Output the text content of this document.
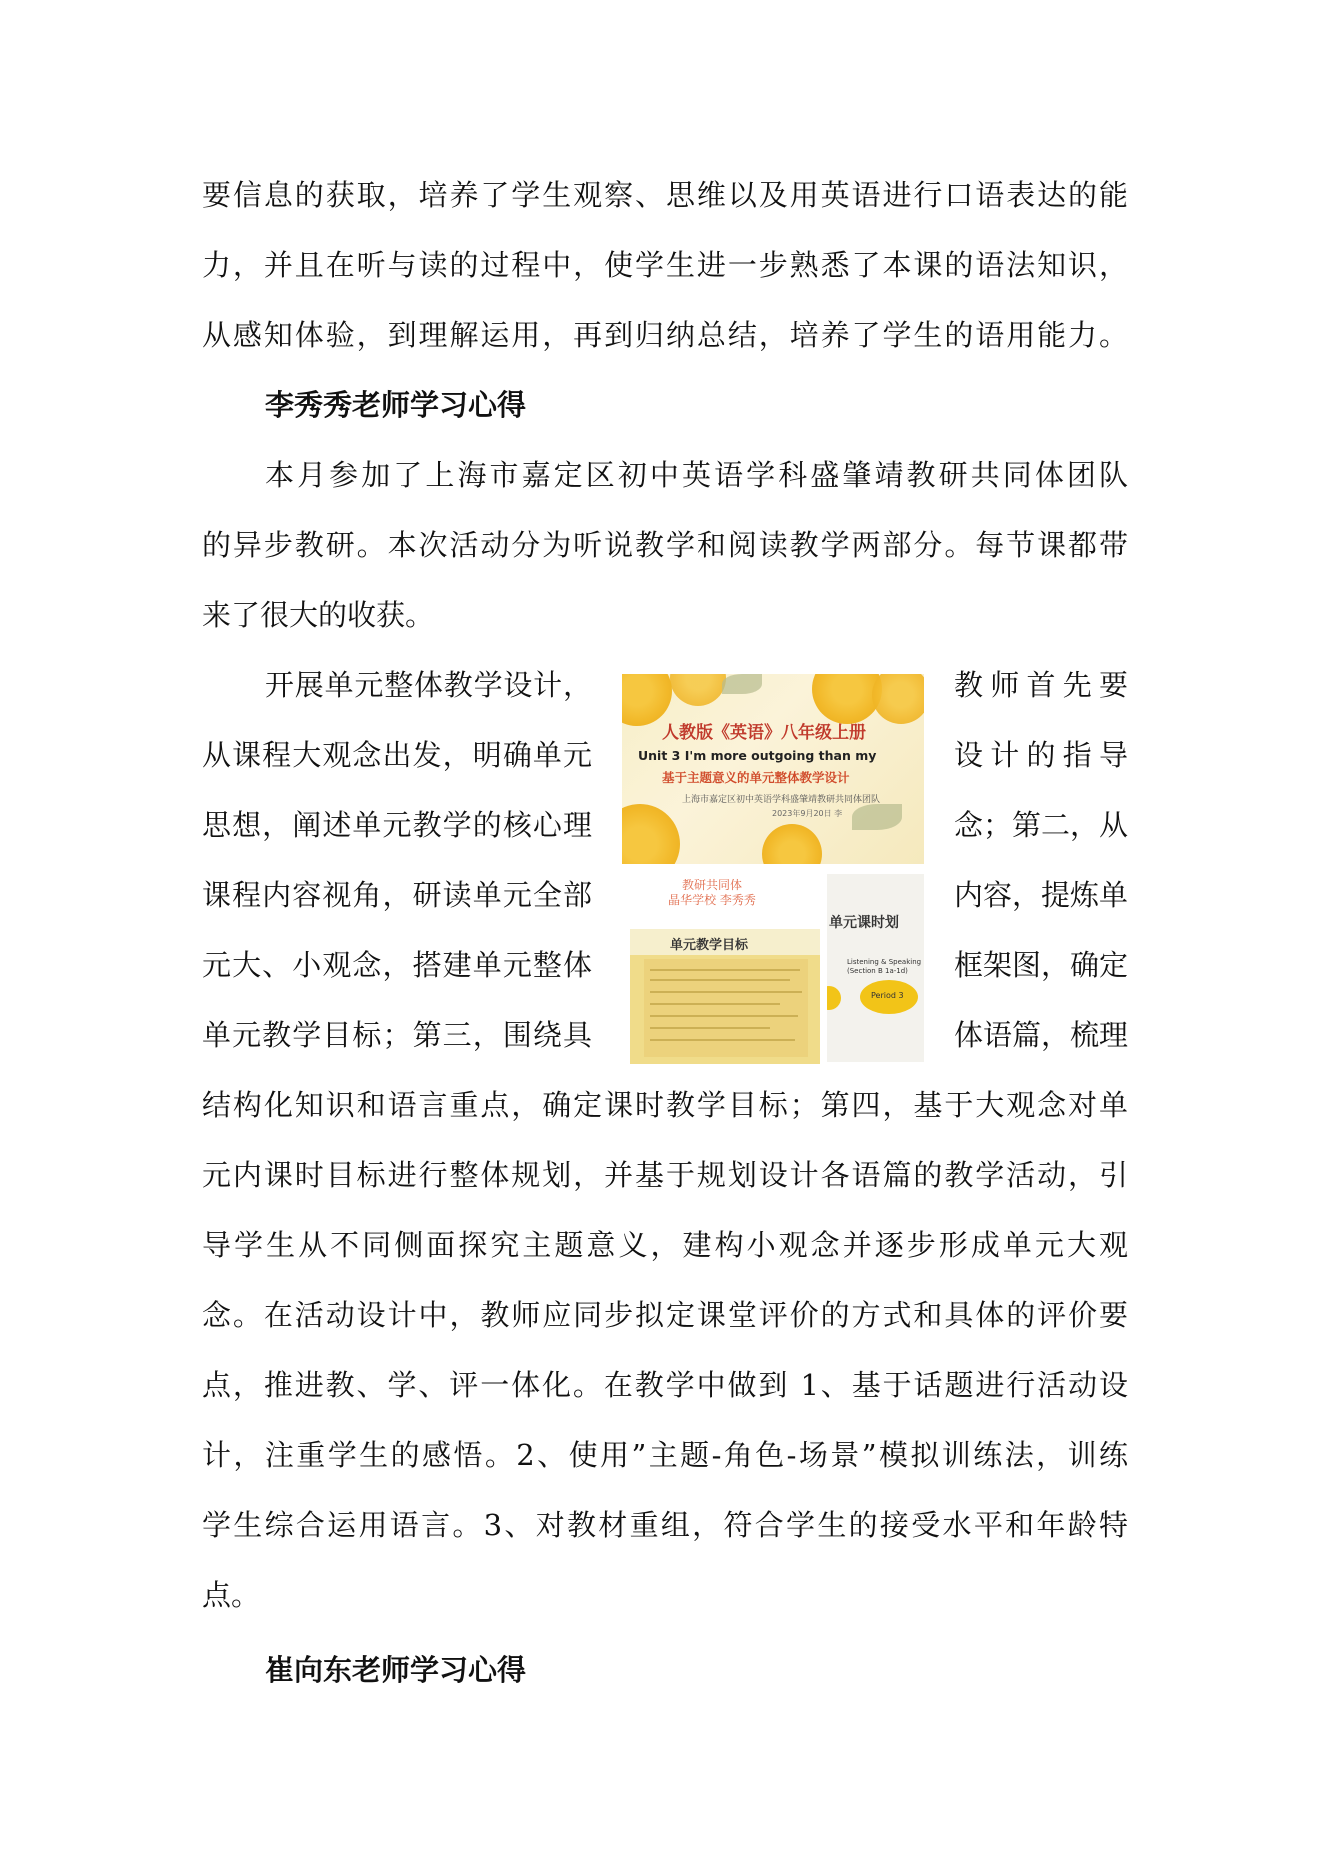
要信息的获取，培养了学生观察、思维以及用英语进行口语表达的能

力，并且在听与读的过程中，使学生进一步熟悉了本课的语法知识，

从感知体验，到理解运用，再到归纳总结，培养了学生的语用能力。

李秀秀老师学习心得

本月参加了上海市嘉定区初中英语学科盛肇靖教研共同体团队

的异步教研。本次活动分为听说教学和阅读教学两部分。每节课都带

来了很大的收获。

开展单元整体教学设计，	教师首先要

从课程大观念出发，明确单元	设计的指导

思想，阐述单元教学的核心理	念；第二，从

课程内容视角，研读单元全部	内容，提炼单

元大、小观念，搭建单元整体	框架图，确定

单元教学目标；第三，围绕具	体语篇，梳理

结构化知识和语言重点，确定课时教学目标；第四，基于大观念对单

元内课时目标进行整体规划，并基于规划设计各语篇的教学活动，引

导学生从不同侧面探究主题意义，建构小观念并逐步形成单元大观

念。在活动设计中，教师应同步拟定课堂评价的方式和具体的评价要

点，推进教、学、评一体化。在教学中做到 1、基于话题进行活动设

计，注重学生的感悟。2、使用”主题-角色-场景”模拟训练法，训练

学生综合运用语言。3、对教材重组，符合学生的接受水平和年龄特

点。

崔向东老师学习心得
人教版《英语》八年级上册
Unit 3 I'm more outgoing than my
基于主题意义的单元整体教学设计
上海市嘉定区初中英语学科盛肇靖教研共同体团队
2023年9月20日 李
教研共同体
晶华学校 李秀秀
单元课时划
Listening & Speaking
(Section B 1a-1d)
Period 3
单元教学目标
